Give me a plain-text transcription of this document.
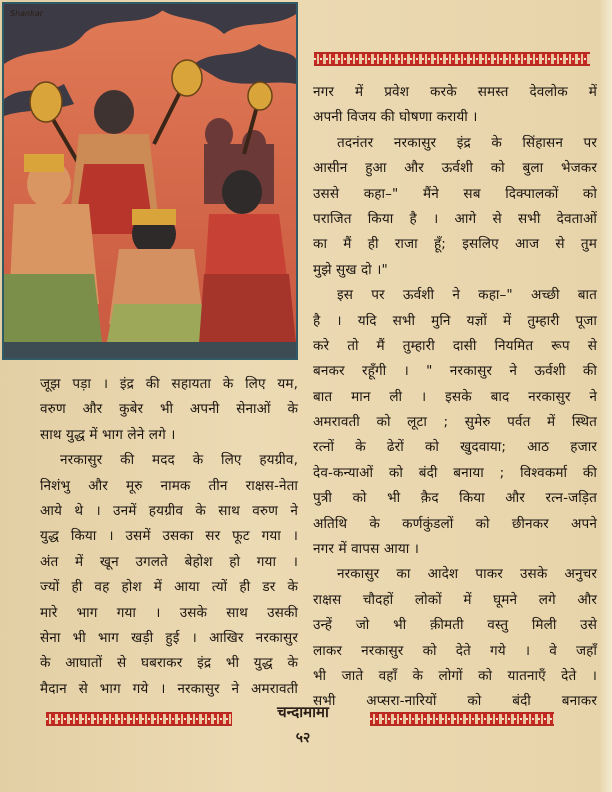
Shankar
नगर में प्रवेश करके समस्त देवलोक में
अपनी विजय की घोषणा करायी ।
तदनंतर नरकासुर इंद्र के सिंहासन पर
आसीन हुआ और ऊर्वशी को बुला भेजकर
उससे कहा–" मैंने सब दिक्पालकों को
पराजित किया है । आगे से सभी देवताओं
का मैं ही राजा हूँ; इसलिए आज से तुम
मुझे सुख दो ।"
इस पर ऊर्वशी ने कहा–" अच्छी बात
है । यदि सभी मुनि यज्ञों में तुम्हारी पूजा
करे तो मैं तुम्हारी दासी नियमित रूप से
बनकर रहूँगी । " नरकासुर ने ऊर्वशी की
बात मान ली । इसके बाद नरकासुर ने
अमरावती को लूटा ; सुमेरु पर्वत में स्थित
रत्नों के ढेरों को खुदवाया; आठ हजार
देव-कन्याओं को बंदी बनाया ; विश्वकर्मा की
पुत्री को भी क़ैद किया और रत्न-जड़ित
अतिथि के कर्णकुंडलों को छीनकर अपने
नगर में वापस आया ।
नरकासुर का आदेश पाकर उसके अनुचर
राक्षस चौदहों लोकों में घूमने लगे और
उन्हें जो भी क़ीमती वस्तु मिली उसे
लाकर नरकासुर को देते गये । वे जहाँ
भी जाते वहाँ के लोगों को यातनाएँ देते ।
सभी अप्सरा-नारियों को बंदी बनाकर
जूझ पड़ा । इंद्र की सहायता के लिए यम,
वरुण और कुबेर भी अपनी सेनाओं के
साथ युद्ध में भाग लेने लगे ।
नरकासुर की मदद के लिए हयग्रीव,
निशंभु और मूरु नामक तीन राक्षस-नेता
आये थे । उनमें हयग्रीव के साथ वरुण ने
युद्ध किया । उसमें उसका सर फूट गया ।
अंत में खून उगलते बेहोश हो गया ।
ज्यों ही वह होश में आया त्यों ही डर के
मारे भाग गया । उसके साथ उसकी
सेना भी भाग खड़ी हुई । आखिर नरकासुर
के आघातों से घबराकर इंद्र भी युद्ध के
मैदान से भाग गये । नरकासुर ने अमरावती
चन्दामामा
५२
